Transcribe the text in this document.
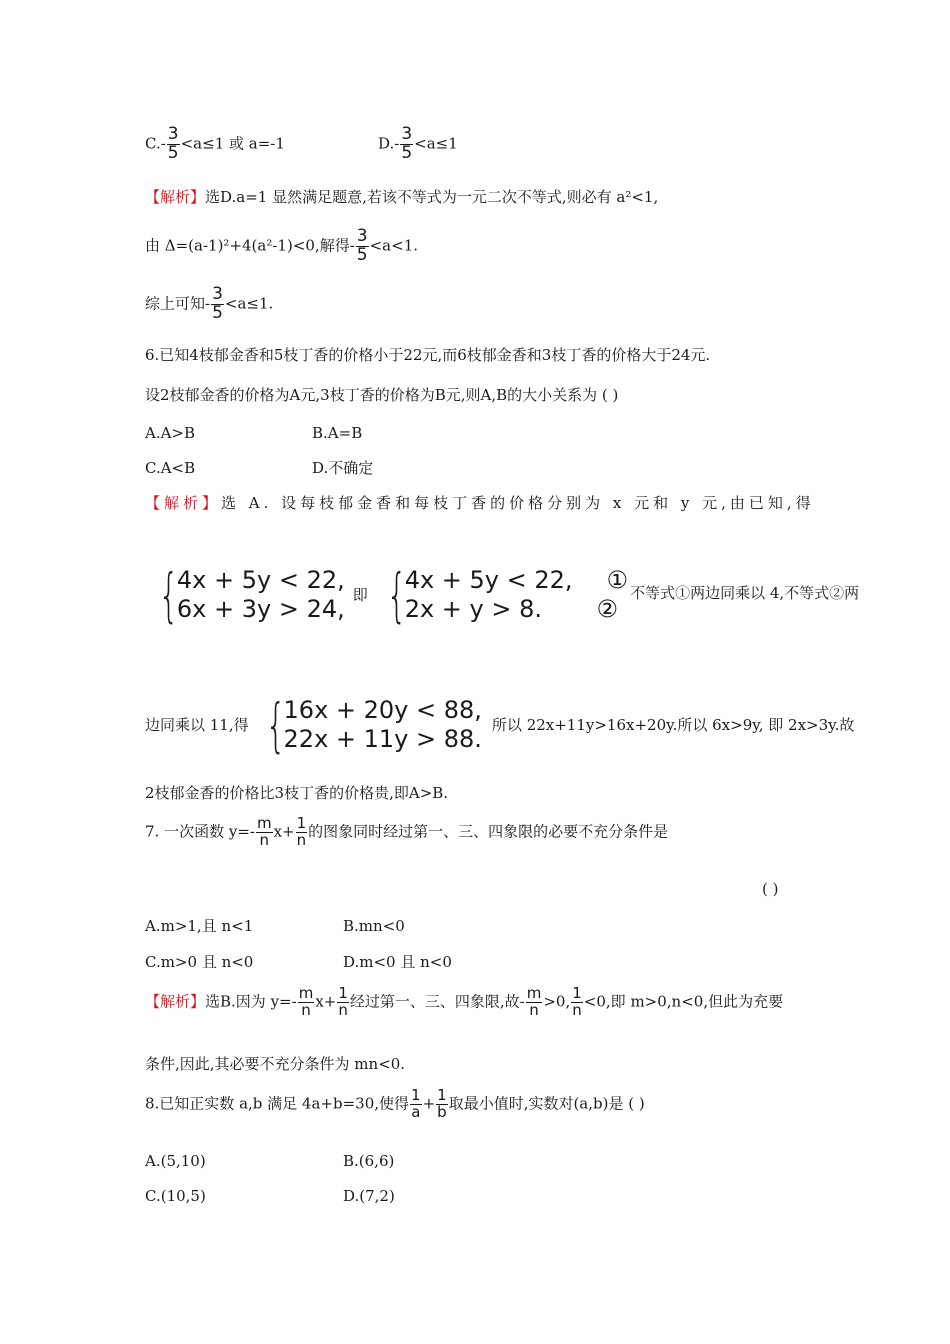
$C.- \frac{3}{5} <a\le 1$ 或 a=-1	$D.- \frac{3}{5} <a\le 1$
【解析】选D.a=1 显然满足题意,若该不等式为一元二次不等式,则必有 a²<1,
由 Δ=(a-1)²+4(a²-1)<0,解得- $\frac{3}{5} <a<1$.
综上可知- $\frac{3}{5} <a\le 1$.
6.已知4枝郁金香和5枝丁香的价格小于22元,而6枝郁金香和3枝丁香的价格大于24元.
设2枝郁金香的价格为A元,3枝丁香的价格为B元,则A,B的大小关系为 ( )
A.A>B	B.A=B
C.A<B	D.不确定
【解析】选 A. 设每枝郁金香和每枝丁香的价格分别为 x 元和 y 元,由已知,得
{
4x + 5y < 22,
6x + 3y > 24,
即 {
4x + 5y < 22,
2x + y > 8.
①
②
不等式①两边同乘以 4,不等式②两
边同乘以 11,得 {
16x + 20y < 88,
22x + 11y > 88.
所以 22x+11y>16x+20y.所以 6x>9y, 即 2x>3y.故
2枝郁金香的价格比3枝丁香的价格贵,即A>B.
7. 一次函数 $y=- \frac{m}{n} x+ \frac{1}{n}$ 的图象同时经过第一、三、四象限的必要不充分条件是
( )
A.m>1,且 n<1	B.mn<0
C.m>0 且 n<0	D.m<0 且 n<0
【解析】选B.因为 $y=- \frac{m}{n} x+ \frac{1}{n}$ 经过第一、三、四象限,故- $\frac{m}{n} >0$, $\frac{1}{n} <0$,即 m>0,n<0,但此为充要
条件,因此,其必要不充分条件为 mn<0.
8.已知正实数 a,b 满足 4a+b=30,使得 $\frac{1}{a} + \frac{1}{b}$ 取最小值时,实数对(a,b)是 ( )
A.(5,10)	B.(6,6)
C.(10,5)	D.(7,2)
